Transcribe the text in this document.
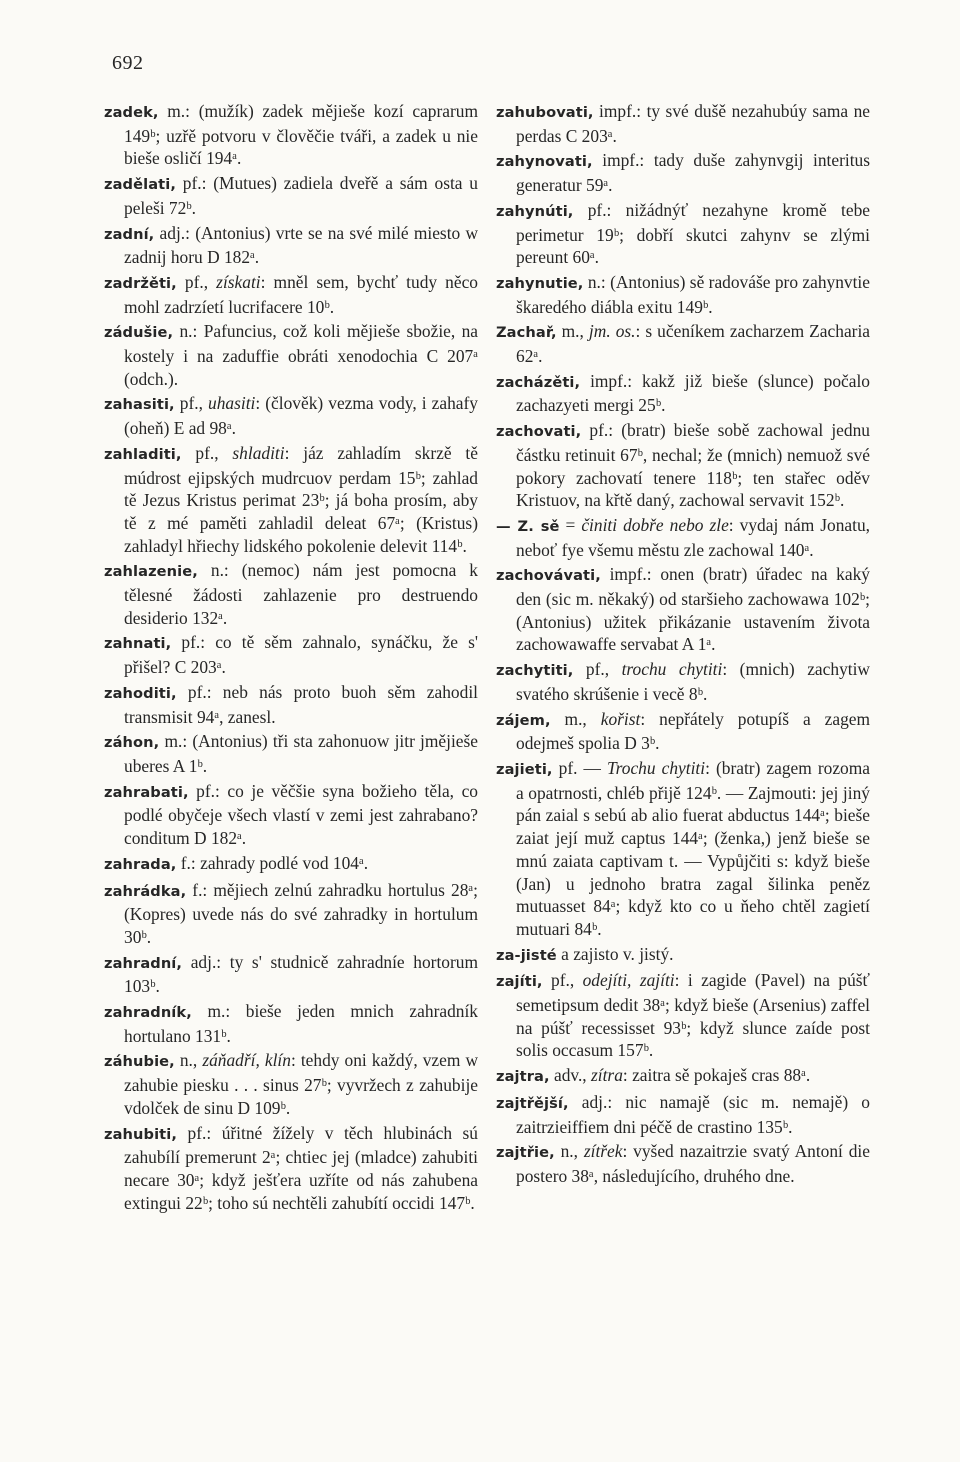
692

zadek, m.: (mužík) zadek mějieše kozí caprarum 149ᵇ; uzřě potvoru v člověčie tváři, a zadek u nie bieše osličí 194ᵃ.

zadělati, pf.: (Mutues) zadiela dveřě a sám osta u peleši 72ᵇ.

zadní, adj.: (Antonius) vrte se na své milé miesto w zadnij horu D 182ᵃ.

zadržěti, pf., získati: mněl sem, bychť tudy něco mohl zadrzíetí lucrifacere 10ᵇ.

zádušie, n.: Pafuncius, což koli mějieše sbožie, na kostely i na zaduffie obráti xenodochia C 207ᵃ (odch.).

zahasiti, pf., uhasiti: (člověk) vezma vody, i zahafy (oheň) E ad 98ᵃ.

zahladiti, pf., shladiti: jáz zahladím skrzě tě múdrost ejipských mudrcuov perdam 15ᵇ; zahlad tě Jezus Kristus perimat 23ᵇ; já boha prosím, aby tě z mé paměti zahladil deleat 67ᵃ; (Kristus) zahladyl hřiechy lidského pokolenie delevit 114ᵇ.

zahlazenie, n.: (nemoc) nám jest pomocna k tělesné žádosti zahlazenie pro destruendo desiderio 132ᵃ.

zahnati, pf.: co tě sěm zahnalo, synáčku, že s' přišel? C 203ᵃ.

zahoditi, pf.: neb nás proto buoh sěm zahodil transmisit 94ᵃ, zanesl.

záhon, m.: (Antonius) tři sta zahonuow jitr jmějieše uberes A 1ᵇ.

zahrabati, pf.: co je věčšie syna božieho těla, co podlé obyčeje všech vlastí v zemi jest zahrabano? conditum D 182ᵃ.

zahrada, f.: zahrady podlé vod 104ᵃ.

zahrádka, f.: mějiech zelnú zahradku hortulus 28ᵃ; (Kopres) uvede nás do své zahradky in hortulum 30ᵇ.

zahradní, adj.: ty s' studnicě zahradníe hortorum 103ᵇ.

zahradník, m.: bieše jeden mnich zahradník hortulano 131ᵇ.

záhubie, n., záňadří, klín: tehdy oni každý, vzem w zahubie piesku . . . sinus 27ᵇ; vyvržech z zahubije vdolček de sinu D 109ᵇ.

zahubiti, pf.: úřitné žížely v těch hlubinách sú zahubílí premerunt 2ᵃ; chtiec jej (mladce) zahubiti necare 30ᵃ; když ješťera uzříte od nás zahubena extingui 22ᵇ; toho sú nechtěli zahubítí occidi 147ᵇ.

zahubovati, impf.: ty své dušě nezahubúy sama ne perdas C 203ᵃ.

zahynovati, impf.: tady duše zahynvgij interitus generatur 59ᵃ.

zahynúti, pf.: nižádnýť nezahyne kromě tebe perimetur 19ᵇ; dobří skutci zahynv se zlými pereunt 60ᵃ.

zahynutie, n.: (Antonius) sě radováše pro zahynvtie škaredého diábla exitu 149ᵇ.

Zachař, m., jm. os.: s učeníkem zacharzem Zacharia 62ᵃ.

zacházěti, impf.: kakž již bieše (slunce) počalo zachazyeti mergi 25ᵇ.

zachovati, pf.: (bratr) bieše sobě zachowal jednu částku retinuit 67ᵇ, nechal; že (mnich) nemuož své pokory zachovatí tenere 118ᵇ; ten stařec oděv Kristuov, na křtě daný, zachowal servavit 152ᵇ.

— Z. sě = činiti dobře nebo zle: vydaj nám Jonatu, neboť fye všemu městu zle zachowal 140ᵃ.

zachovávati, impf.: onen (bratr) úřadec na kaký den (sic m. někaký) od staršieho zachowawa 102ᵇ; (Antonius) užitek přikázanie ustavením života zachowawaffe servabat A 1ᵃ.

zachytiti, pf., trochu chytiti: (mnich) zachytiw svatého skrúšenie i vecě 8ᵇ.

zájem, m., kořist: nepřátely potupíš a zagem odejmeš spolia D 3ᵇ.

zajieti, pf. — Trochu chytiti: (bratr) zagem rozoma a opatrnosti, chléb přijě 124ᵇ. — Zajmouti: jej jiný pán zaial s sebú ab alio fuerat abductus 144ᵃ; bieše zaiat její muž captus 144ᵃ; (ženka,) jenž bieše se mnú zaiata captivam t. — Vypůjčiti s: když bieše (Jan) u jednoho bratra zagal šilinka peněz mutuasset 84ᵃ; když kto co u ňeho chtěl zagietí mutuari 84ᵇ.

za-jisté a zajisto v. jistý.

zajíti, pf., odejíti, zajíti: i zagide (Pavel) na púšť semetipsum dedit 38ᵃ; když bieše (Arsenius) zaffel na púšť recessisset 93ᵇ; když slunce zaíde post solis occasum 157ᵇ.

zajtra, adv., zítra: zaitra sě pokaješ cras 88ᵃ.

zajtřější, adj.: nic namajě (sic m. nemajě) o zaitrzieiffiem dni péčě de crastino 135ᵇ.

zajtřie, n., zítřek: vyšed nazaitrzie svatý Antoní die postero 38ᵃ, následujícího, druhého dne.
